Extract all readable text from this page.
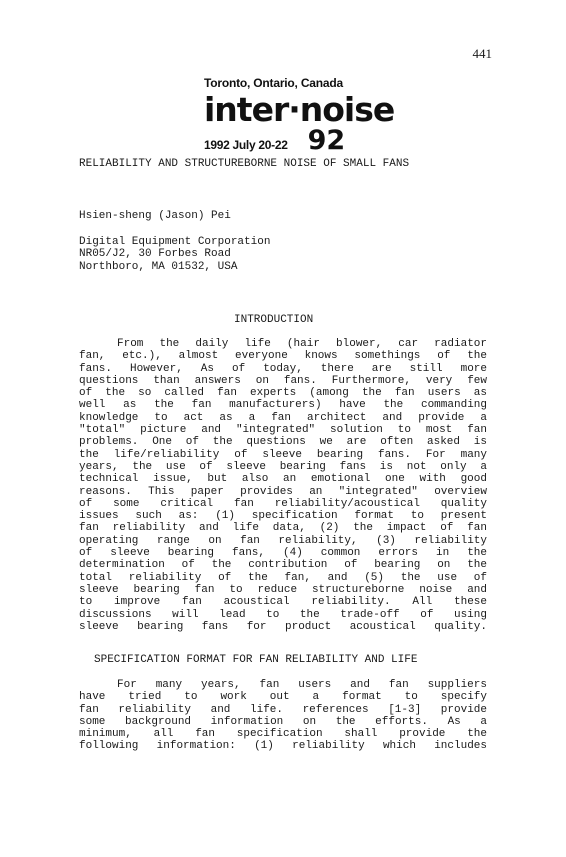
441
Toronto, Ontario, Canada
inter·noise
1992 July 20-22 92
RELIABILITY AND STRUCTUREBORNE NOISE OF SMALL FANS
Hsien-sheng (Jason) Pei
Digital Equipment Corporation
NR05/J2, 30 Forbes Road
Northboro, MA 01532, USA
INTRODUCTION
From the daily life (hair blower, car radiator
fan, etc.), almost everyone knows somethings of the
fans. However, As of today, there are still more
questions than answers on fans. Furthermore, very few
of the so called fan experts (among the fan users as
well as the fan manufacturers) have the commanding
knowledge to act as a fan architect and provide a
"total" picture and "integrated" solution to most fan
problems. One of the questions we are often asked is
the life/reliability of sleeve bearing fans. For many
years, the use of sleeve bearing fans is not only a
technical issue, but also an emotional one with good
reasons. This paper provides an "integrated" overview
of some critical fan reliability/acoustical quality
issues such as: (1) specification format to present
fan reliability and life data, (2) the impact of fan
operating range on fan reliability, (3) reliability
of sleeve bearing fans, (4) common errors in the
determination of the contribution of bearing on the
total reliability of the fan, and (5) the use of
sleeve bearing fan to reduce structureborne noise and
to improve fan acoustical reliability. All these
discussions will lead to the trade-off of using
sleeve bearing fans for product acoustical quality.
SPECIFICATION FORMAT FOR FAN RELIABILITY AND LIFE
For many years, fan users and fan suppliers
have tried to work out a format to specify
fan reliability and life. references [1-3] provide
some background information on the efforts. As a
minimum, all fan specification shall provide the
following information: (1) reliability which includes
